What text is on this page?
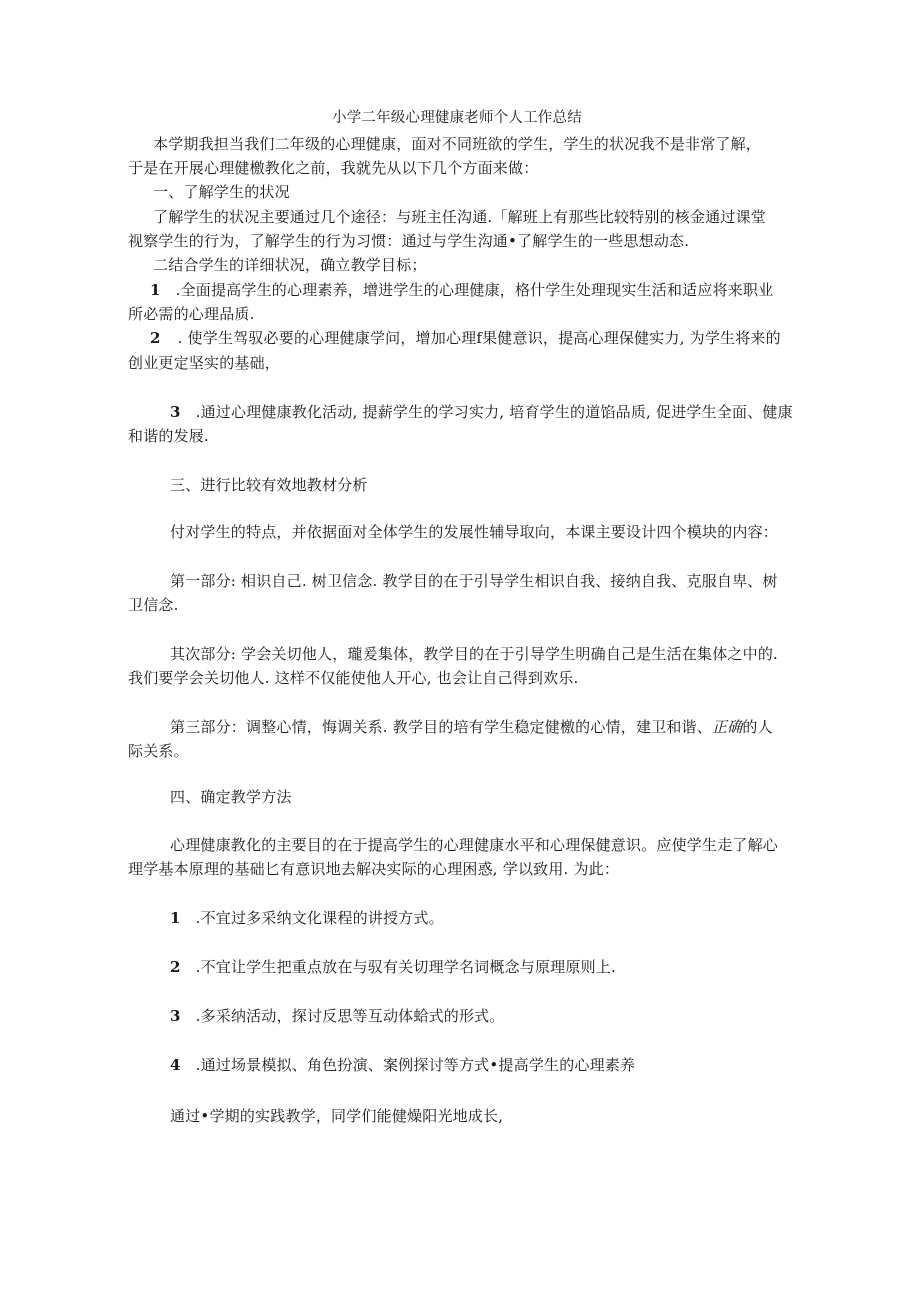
小学二年级心理健康老师个人工作总结
本学期我担当我们二年级的心理健康，面对不同班欲的学生，学生的状况我不是非常了解，
于是在开展心理健檄教化之前，我就先从以下几个方面来做：
一、了解学生的状况
了解学生的状况主要通过几个途径：与班主任沟通.「解班上有那些比较特别的核金通过课堂
视察学生的行为，了解学生的行为习惯：通过与学生沟通•了解学生的一些思想动态.
二结合学生的详细状况，确立教学目标；
1 .全面提高学生的心理素养，增进学生的心理健康，格什学生处理现实生活和适应将来职业
所必需的心理品质.
2 . 使学生驾驭必要的心理健康学问，增加心理f果健意识，提高心理保健实力, 为学生将来的
创业更定坚实的基础，
3 .通过心理健康教化活动, 提薪学生的学习实力, 培育学生的道馅品质, 促进学生全面、健康
和谐的发屐.
三、进行比较有效地教材分析
付对学生的特点，并依据面对全体学生的发展性辅导取向，本课主要设计四个模块的内容：
第一部分: 相识自己. 树卫信念. 教学目的在于引导学生相识自我、接纳自我、克服自卑、树
卫信念.
其次部分: 学会关切他人，瓏爰集体，教学目的在于引导学生明确自己是生活在集体之中的.
我们要学会关切他人. 这样不仅能使他人开心, 也会让自己得到欢乐.
第三部分：调整心情，悔调关系. 教学目的培有学生稳定健檄的心情，建卫和谐、正确的人
际关系。
四、确定教学方法
心理健康教化的主要目的在于提高学生的心理健康水平和心理保健意识。应使学生走了解心
理学基本原理的基础匕有意识地去解决实际的心理困惑, 学以致用. 为此：
1 .不宜过多采纳文化课程的讲授方式。
2 .不宜让学生把重点放在与驭有关切理学名词概念与原理原则上.
3 .多采纳活动，探讨反思等互动体蛤式的形式。
4 .通过场景模拟、角色扮演、案例探讨等方式•提高学生的心理素养
通过•学期的实践教学，同学们能健燥阳光地成长,
